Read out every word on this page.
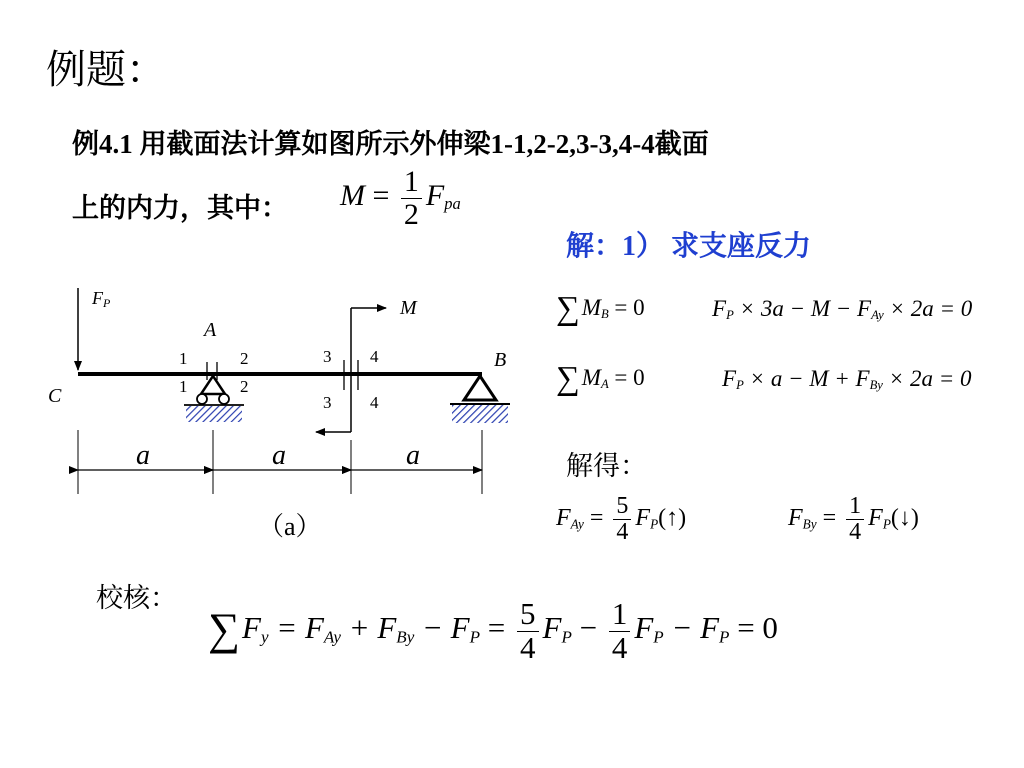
例题：
例4.1 用截面法计算如图所示外伸梁1-1,2-2,3-3,4-4截面
上的内力，其中： $M = \frac{1}{2} F_{pa}$
解：1） 求支座反力
$\sum M_B = 0$	$F_P \times 3a - M - F_{Ay} \times 2a = 0$
$\sum M_A = 0$	$F_P \times a - M + F_{By} \times 2a = 0$
解得：
$F_{Ay} = \frac{5}{4}$ $F_P(↑)$	$F_{By} = \frac{1}{4}$ $F_P(↓)$
校核：
$\sum F_y = F_{Ay} + F_{By} - F_P = \frac{5}{4} F_P - \frac{1}{4} F_P - F_P = 0$
FP
C
A
B
1
1
2
2
3
3
4
4
M
a	a	a
（a）
